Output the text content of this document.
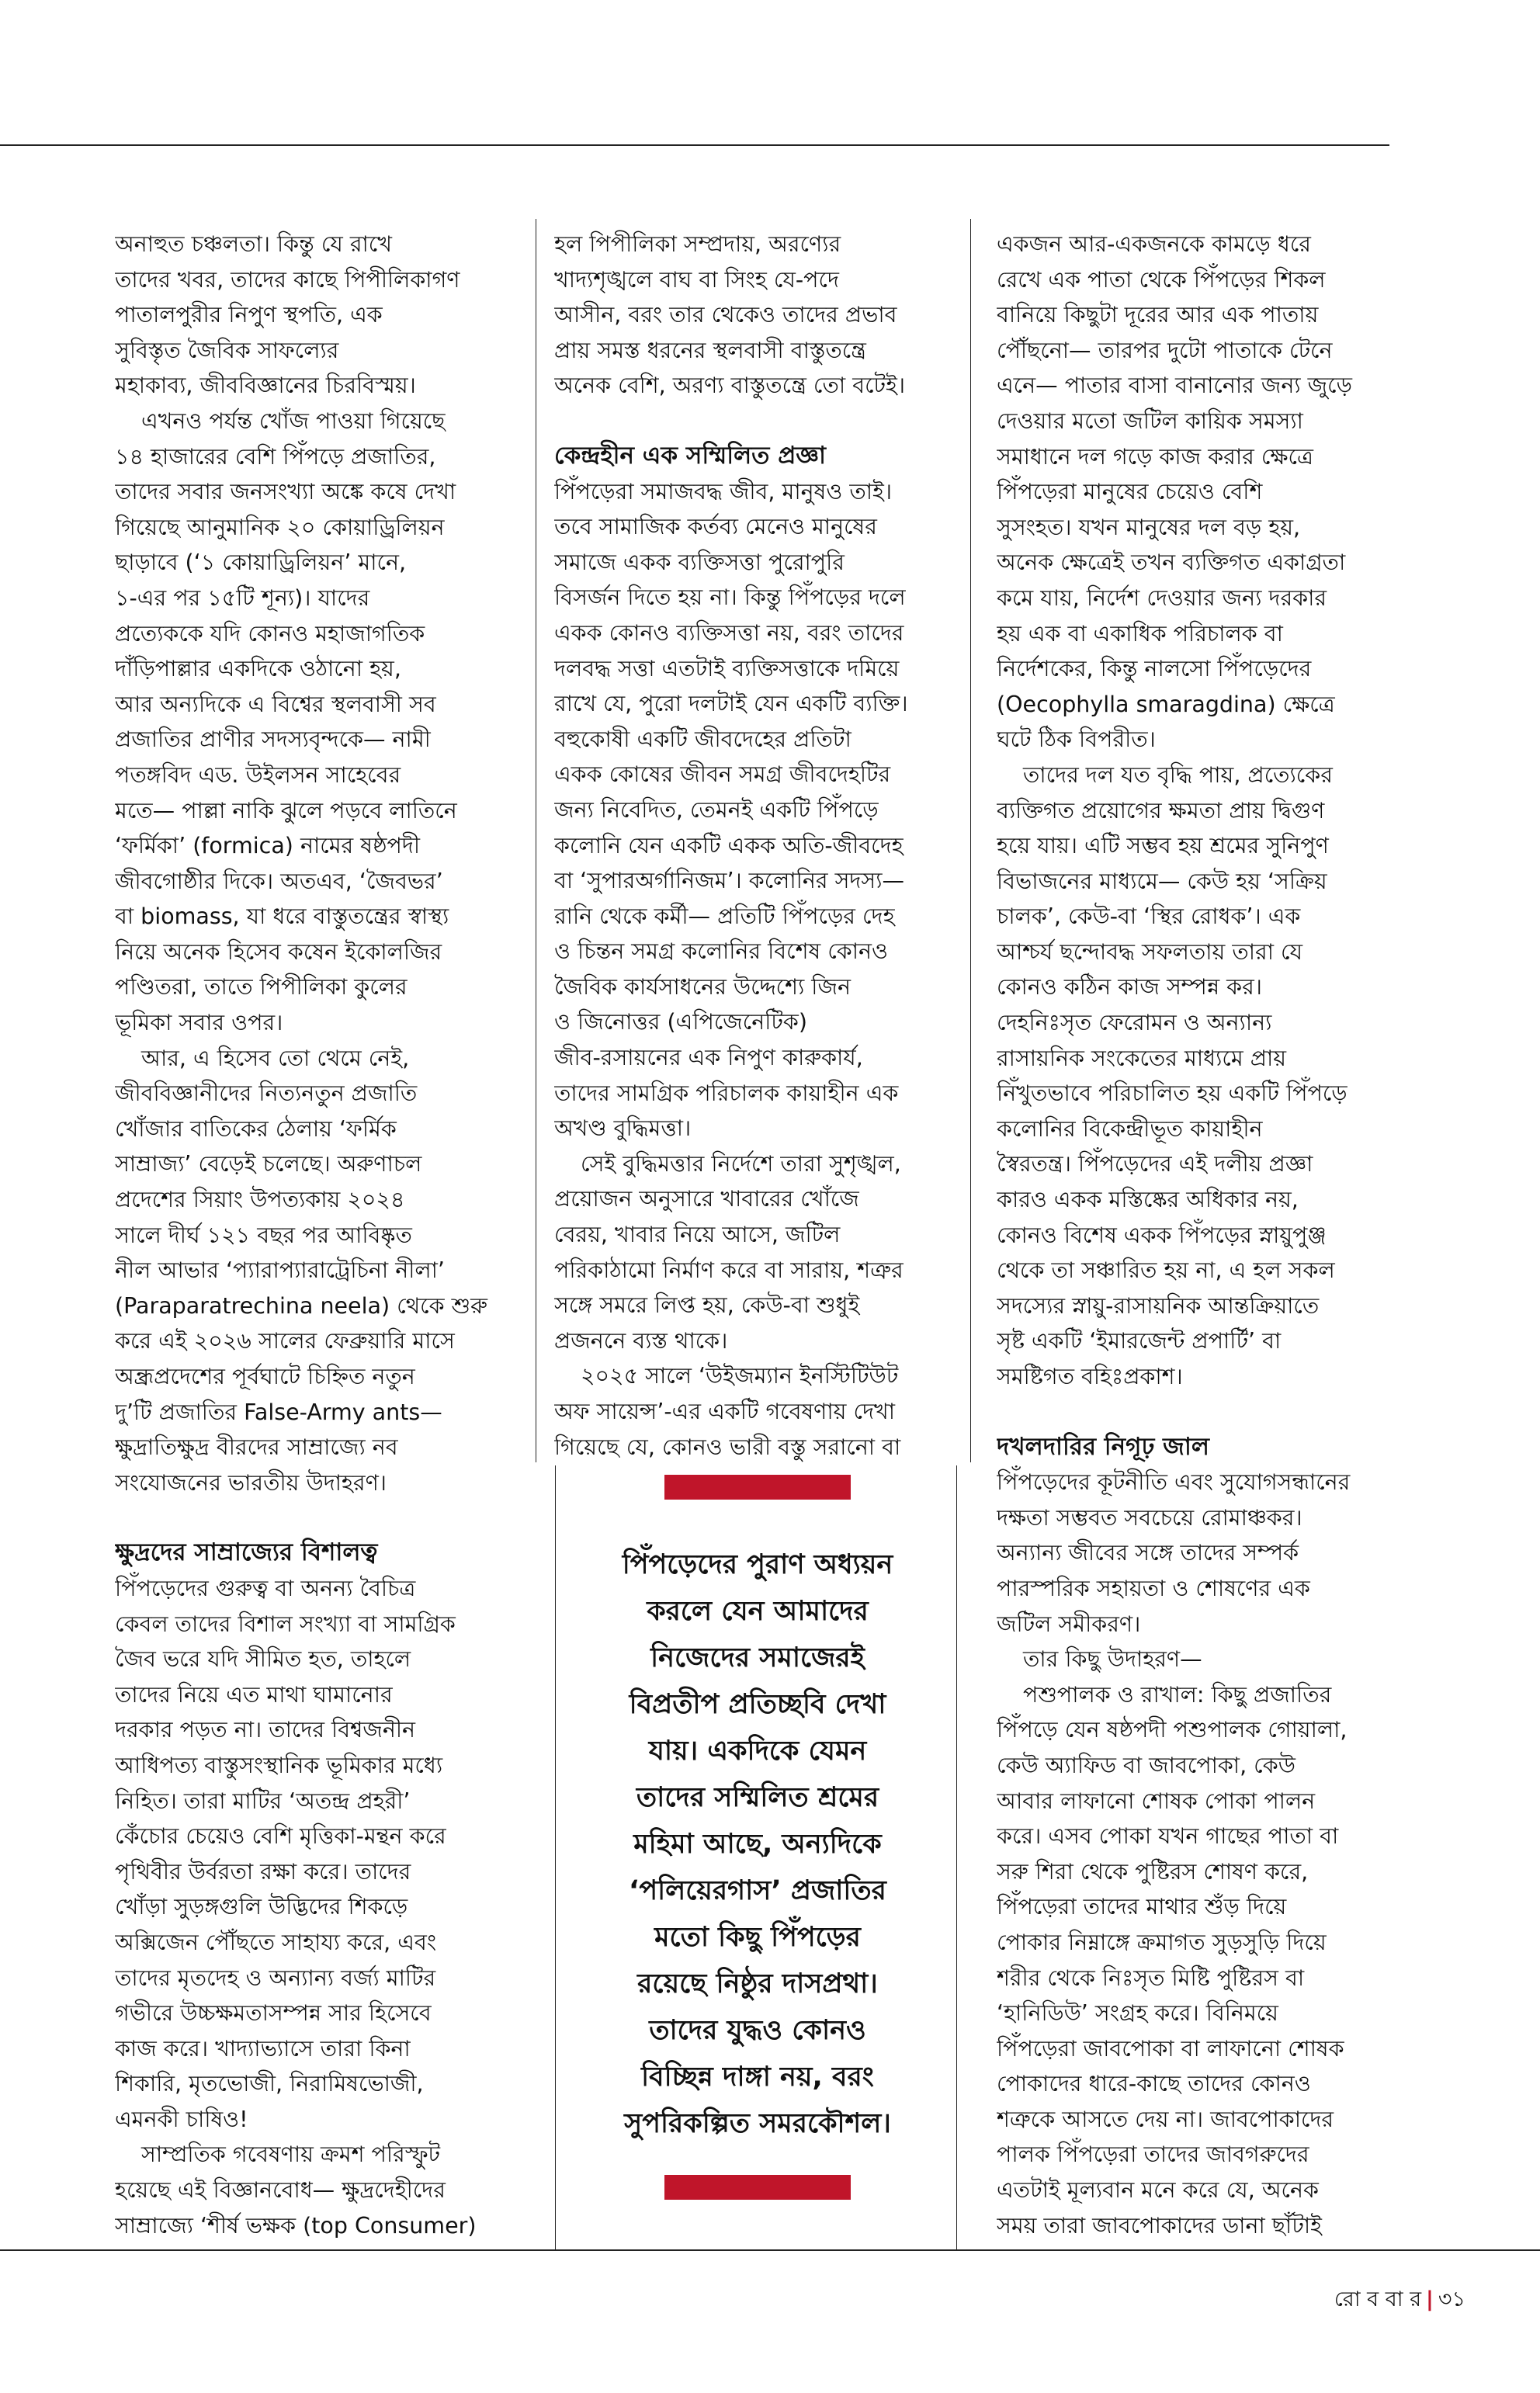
অনাহুত চঞ্চলতা। কিন্তু যে রাখে
তাদের খবর, তাদের কাছে পিপীলিকাগণ
পাতালপুরীর নিপুণ স্থপতি, এক
সুবিস্তৃত জৈবিক সাফল্যের
মহাকাব্য, জীববিজ্ঞানের চিরবিস্ময়।
এখনও পর্যন্ত খোঁজ পাওয়া গিয়েছে
১৪ হাজারের বেশি পিঁপড়ে প্রজাতির,
তাদের সবার জনসংখ্যা অঙ্কে কষে দেখা
গিয়েছে আনুমানিক ২০ কোয়াড্রিলিয়ন
ছাড়াবে (‘১ কোয়াড্রিলিয়ন’ মানে,
১-এর পর ১৫টি শূন্য)। যাদের
প্রত্যেককে যদি কোনও মহাজাগতিক
দাঁড়িপাল্লার একদিকে ওঠানো হয়,
আর অন্যদিকে এ বিশ্বের স্থলবাসী সব
প্রজাতির প্রাণীর সদস্যবৃন্দকে— নামী
পতঙ্গবিদ এড. উইলসন সাহেবের
মতে— পাল্লা নাকি ঝুলে পড়বে লাতিনে
‘ফর্মিকা’ (formica) নামের ষষ্ঠপদী
জীবগোষ্ঠীর দিকে। অতএব, ‘জৈবভর’
বা biomass, যা ধরে বাস্তুতন্ত্রের স্বাস্থ্য
নিয়ে অনেক হিসেব কষেন ইকোলজির
পণ্ডিতরা, তাতে পিপীলিকা কুলের
ভূমিকা সবার ওপর।
আর, এ হিসেব তো থেমে নেই,
জীববিজ্ঞানীদের নিত্যনতুন প্রজাতি
খোঁজার বাতিকের ঠেলায় ‘ফর্মিক
সাম্রাজ্য’ বেড়েই চলেছে। অরুণাচল
প্রদেশের সিয়াং উপত্যকায় ২০২৪
সালে দীর্ঘ ১২১ বছর পর আবিষ্কৃত
নীল আভার ‘প্যারাপ্যারাট্রেচিনা নীলা’
(Paraparatrechina neela) থেকে শুরু
করে এই ২০২৬ সালের ফেব্রুয়ারি মাসে
অন্ধ্রপ্রদেশের পূর্বঘাটে চিহ্নিত নতুন
দু’টি প্রজাতির False-Army ants—
ক্ষুদ্রাতিক্ষুদ্র বীরদের সাম্রাজ্যে নব
সংযোজনের ভারতীয় উদাহরণ।
ক্ষুদ্রদের সাম্রাজ্যের বিশালত্ব
পিঁপড়েদের গুরুত্ব বা অনন্য বৈচিত্র
কেবল তাদের বিশাল সংখ্যা বা সামগ্রিক
জৈব ভরে যদি সীমিত হত, তাহলে
তাদের নিয়ে এত মাথা ঘামানোর
দরকার পড়ত না। তাদের বিশ্বজনীন
আধিপত্য বাস্তুসংস্থানিক ভূমিকার মধ্যে
নিহিত। তারা মাটির ‘অতন্দ্র প্রহরী’
কেঁচোর চেয়েও বেশি মৃত্তিকা-মন্থন করে
পৃথিবীর উর্বরতা রক্ষা করে। তাদের
খোঁড়া সুড়ঙ্গগুলি উদ্ভিদের শিকড়ে
অক্সিজেন পৌঁছতে সাহায্য করে, এবং
তাদের মৃতদেহ ও অন্যান্য বর্জ্য মাটির
গভীরে উচ্চক্ষমতাসম্পন্ন সার হিসেবে
কাজ করে। খাদ্যাভ্যাসে তারা কিনা
শিকারি, মৃতভোজী, নিরামিষভোজী,
এমনকী চাষিও!
সাম্প্রতিক গবেষণায় ক্রমশ পরিস্ফুট
হয়েছে এই বিজ্ঞানবোধ— ক্ষুদ্রদেহীদের
সাম্রাজ্যে ‘শীর্ষ ভক্ষক (top Consumer)
হল পিপীলিকা সম্প্রদায়, অরণ্যের
খাদ্যশৃঙ্খলে বাঘ বা সিংহ যে-পদে
আসীন, বরং তার থেকেও তাদের প্রভাব
প্রায় সমস্ত ধরনের স্থলবাসী বাস্তুতন্ত্রে
অনেক বেশি, অরণ্য বাস্তুতন্ত্রে তো বটেই।
কেন্দ্রহীন এক সম্মিলিত প্রজ্ঞা
পিঁপড়েরা সমাজবদ্ধ জীব, মানুষও তাই।
তবে সামাজিক কর্তব্য মেনেও মানুষের
সমাজে একক ব্যক্তিসত্তা পুরোপুরি
বিসর্জন দিতে হয় না। কিন্তু পিঁপড়ের দলে
একক কোনও ব্যক্তিসত্তা নয়, বরং তাদের
দলবদ্ধ সত্তা এতটাই ব্যক্তিসত্তাকে দমিয়ে
রাখে যে, পুরো দলটাই যেন একটি ব্যক্তি।
বহুকোষী একটি জীবদেহের প্রতিটা
একক কোষের জীবন সমগ্র জীবদেহটির
জন্য নিবেদিত, তেমনই একটি পিঁপড়ে
কলোনি যেন একটি একক অতি-জীবদেহ
বা ‘সুপারঅর্গানিজম’। কলোনির সদস্য—
রানি থেকে কর্মী— প্রতিটি পিঁপড়ের দেহ
ও চিন্তন সমগ্র কলোনির বিশেষ কোনও
জৈবিক কার্যসাধনের উদ্দেশ্যে জিন
ও জিনোত্তর (এপিজেনেটিক)
জীব-রসায়নের এক নিপুণ কারুকার্য,
তাদের সামগ্রিক পরিচালক কায়াহীন এক
অখণ্ড বুদ্ধিমত্তা।
সেই বুদ্ধিমত্তার নির্দেশে তারা সুশৃঙ্খল,
প্রয়োজন অনুসারে খাবারের খোঁজে
বেরয়, খাবার নিয়ে আসে, জটিল
পরিকাঠামো নির্মাণ করে বা সারায়, শত্রুর
সঙ্গে সমরে লিপ্ত হয়, কেউ-বা শুধুই
প্রজননে ব্যস্ত থাকে।
২০২৫ সালে ‘উইজম্যান ইনস্টিটিউট
অফ সায়েন্স’-এর একটি গবেষণায় দেখা
গিয়েছে যে, কোনও ভারী বস্তু সরানো বা
পিঁপড়েদের পুরাণ অধ্যয়ন
করলে যেন আমাদের
নিজেদের সমাজেরই
বিপ্রতীপ প্রতিচ্ছবি দেখা
যায়। একদিকে যেমন
তাদের সম্মিলিত শ্রমের
মহিমা আছে, অন্যদিকে
‘পলিয়েরগাস’ প্রজাতির
মতো কিছু পিঁপড়ের
রয়েছে নিষ্ঠুর দাসপ্রথা।
তাদের যুদ্ধও কোনও
বিচ্ছিন্ন দাঙ্গা নয়, বরং
সুপরিকল্পিত সমরকৌশল।
একজন আর-একজনকে কামড়ে ধরে
রেখে এক পাতা থেকে পিঁপড়ের শিকল
বানিয়ে কিছুটা দূরের আর এক পাতায়
পৌঁছনো— তারপর দুটো পাতাকে টেনে
এনে— পাতার বাসা বানানোর জন্য জুড়ে
দেওয়ার মতো জটিল কায়িক সমস্যা
সমাধানে দল গড়ে কাজ করার ক্ষেত্রে
পিঁপড়েরা মানুষের চেয়েও বেশি
সুসংহত। যখন মানুষের দল বড় হয়,
অনেক ক্ষেত্রেই তখন ব্যক্তিগত একাগ্রতা
কমে যায়, নির্দেশ দেওয়ার জন্য দরকার
হয় এক বা একাধিক পরিচালক বা
নির্দেশকের, কিন্তু নালসো পিঁপড়েদের
(Oecophylla smaragdina) ক্ষেত্রে
ঘটে ঠিক বিপরীত।
তাদের দল যত বৃদ্ধি পায়, প্রত্যেকের
ব্যক্তিগত প্রয়োগের ক্ষমতা প্রায় দ্বিগুণ
হয়ে যায়। এটি সম্ভব হয় শ্রমের সুনিপুণ
বিভাজনের মাধ্যমে— কেউ হয় ‘সক্রিয়
চালক’, কেউ-বা ‘স্থির রোধক’। এক
আশ্চর্য ছন্দোবদ্ধ সফলতায় তারা যে
কোনও কঠিন কাজ সম্পন্ন কর।
দেহনিঃসৃত ফেরোমন ও অন্যান্য
রাসায়নিক সংকেতের মাধ্যমে প্রায়
নিঁখুতভাবে পরিচালিত হয় একটি পিঁপড়ে
কলোনির বিকেন্দ্রীভূত কায়াহীন
স্বৈরতন্ত্র। পিঁপড়েদের এই দলীয় প্রজ্ঞা
কারও একক মস্তিষ্কের অধিকার নয়,
কোনও বিশেষ একক পিঁপড়ের স্নায়ুপুঞ্জ
থেকে তা সঞ্চারিত হয় না, এ হল সকল
সদস্যের স্নায়ু-রাসায়নিক আন্তক্রিয়াতে
সৃষ্ট একটি ‘ইমারজেন্ট প্রপার্টি’ বা
সমষ্টিগত বহিঃপ্রকাশ।
দখলদারির নিগূঢ় জাল
পিঁপড়েদের কূটনীতি এবং সুযোগসন্ধানের
দক্ষতা সম্ভবত সবচেয়ে রোমাঞ্চকর।
অন্যান্য জীবের সঙ্গে তাদের সম্পর্ক
পারস্পরিক সহায়তা ও শোষণের এক
জটিল সমীকরণ।
তার কিছু উদাহরণ—
পশুপালক ও রাখাল: কিছু প্রজাতির
পিঁপড়ে যেন ষষ্ঠপদী পশুপালক গোয়ালা,
কেউ অ্যাফিড বা জাবপোকা, কেউ
আবার লাফানো শোষক পোকা পালন
করে। এসব পোকা যখন গাছের পাতা বা
সরু শিরা থেকে পুষ্টিরস শোষণ করে,
পিঁপড়েরা তাদের মাথার শুঁড় দিয়ে
পোকার নিম্নাঙ্গে ক্রমাগত সুড়সুড়ি দিয়ে
শরীর থেকে নিঃসৃত মিষ্টি পুষ্টিরস বা
‘হানিডিউ’ সংগ্রহ করে। বিনিময়ে
পিঁপড়েরা জাবপোকা বা লাফানো শোষক
পোকাদের ধারে-কাছে তাদের কোনও
শত্রুকে আসতে দেয় না। জাবপোকাদের
পালক পিঁপড়েরা তাদের জাবগরুদের
এতটাই মূল্যবান মনে করে যে, অনেক
সময় তারা জাবপোকাদের ডানা ছাঁটাই
রো ব বা র | ৩১
